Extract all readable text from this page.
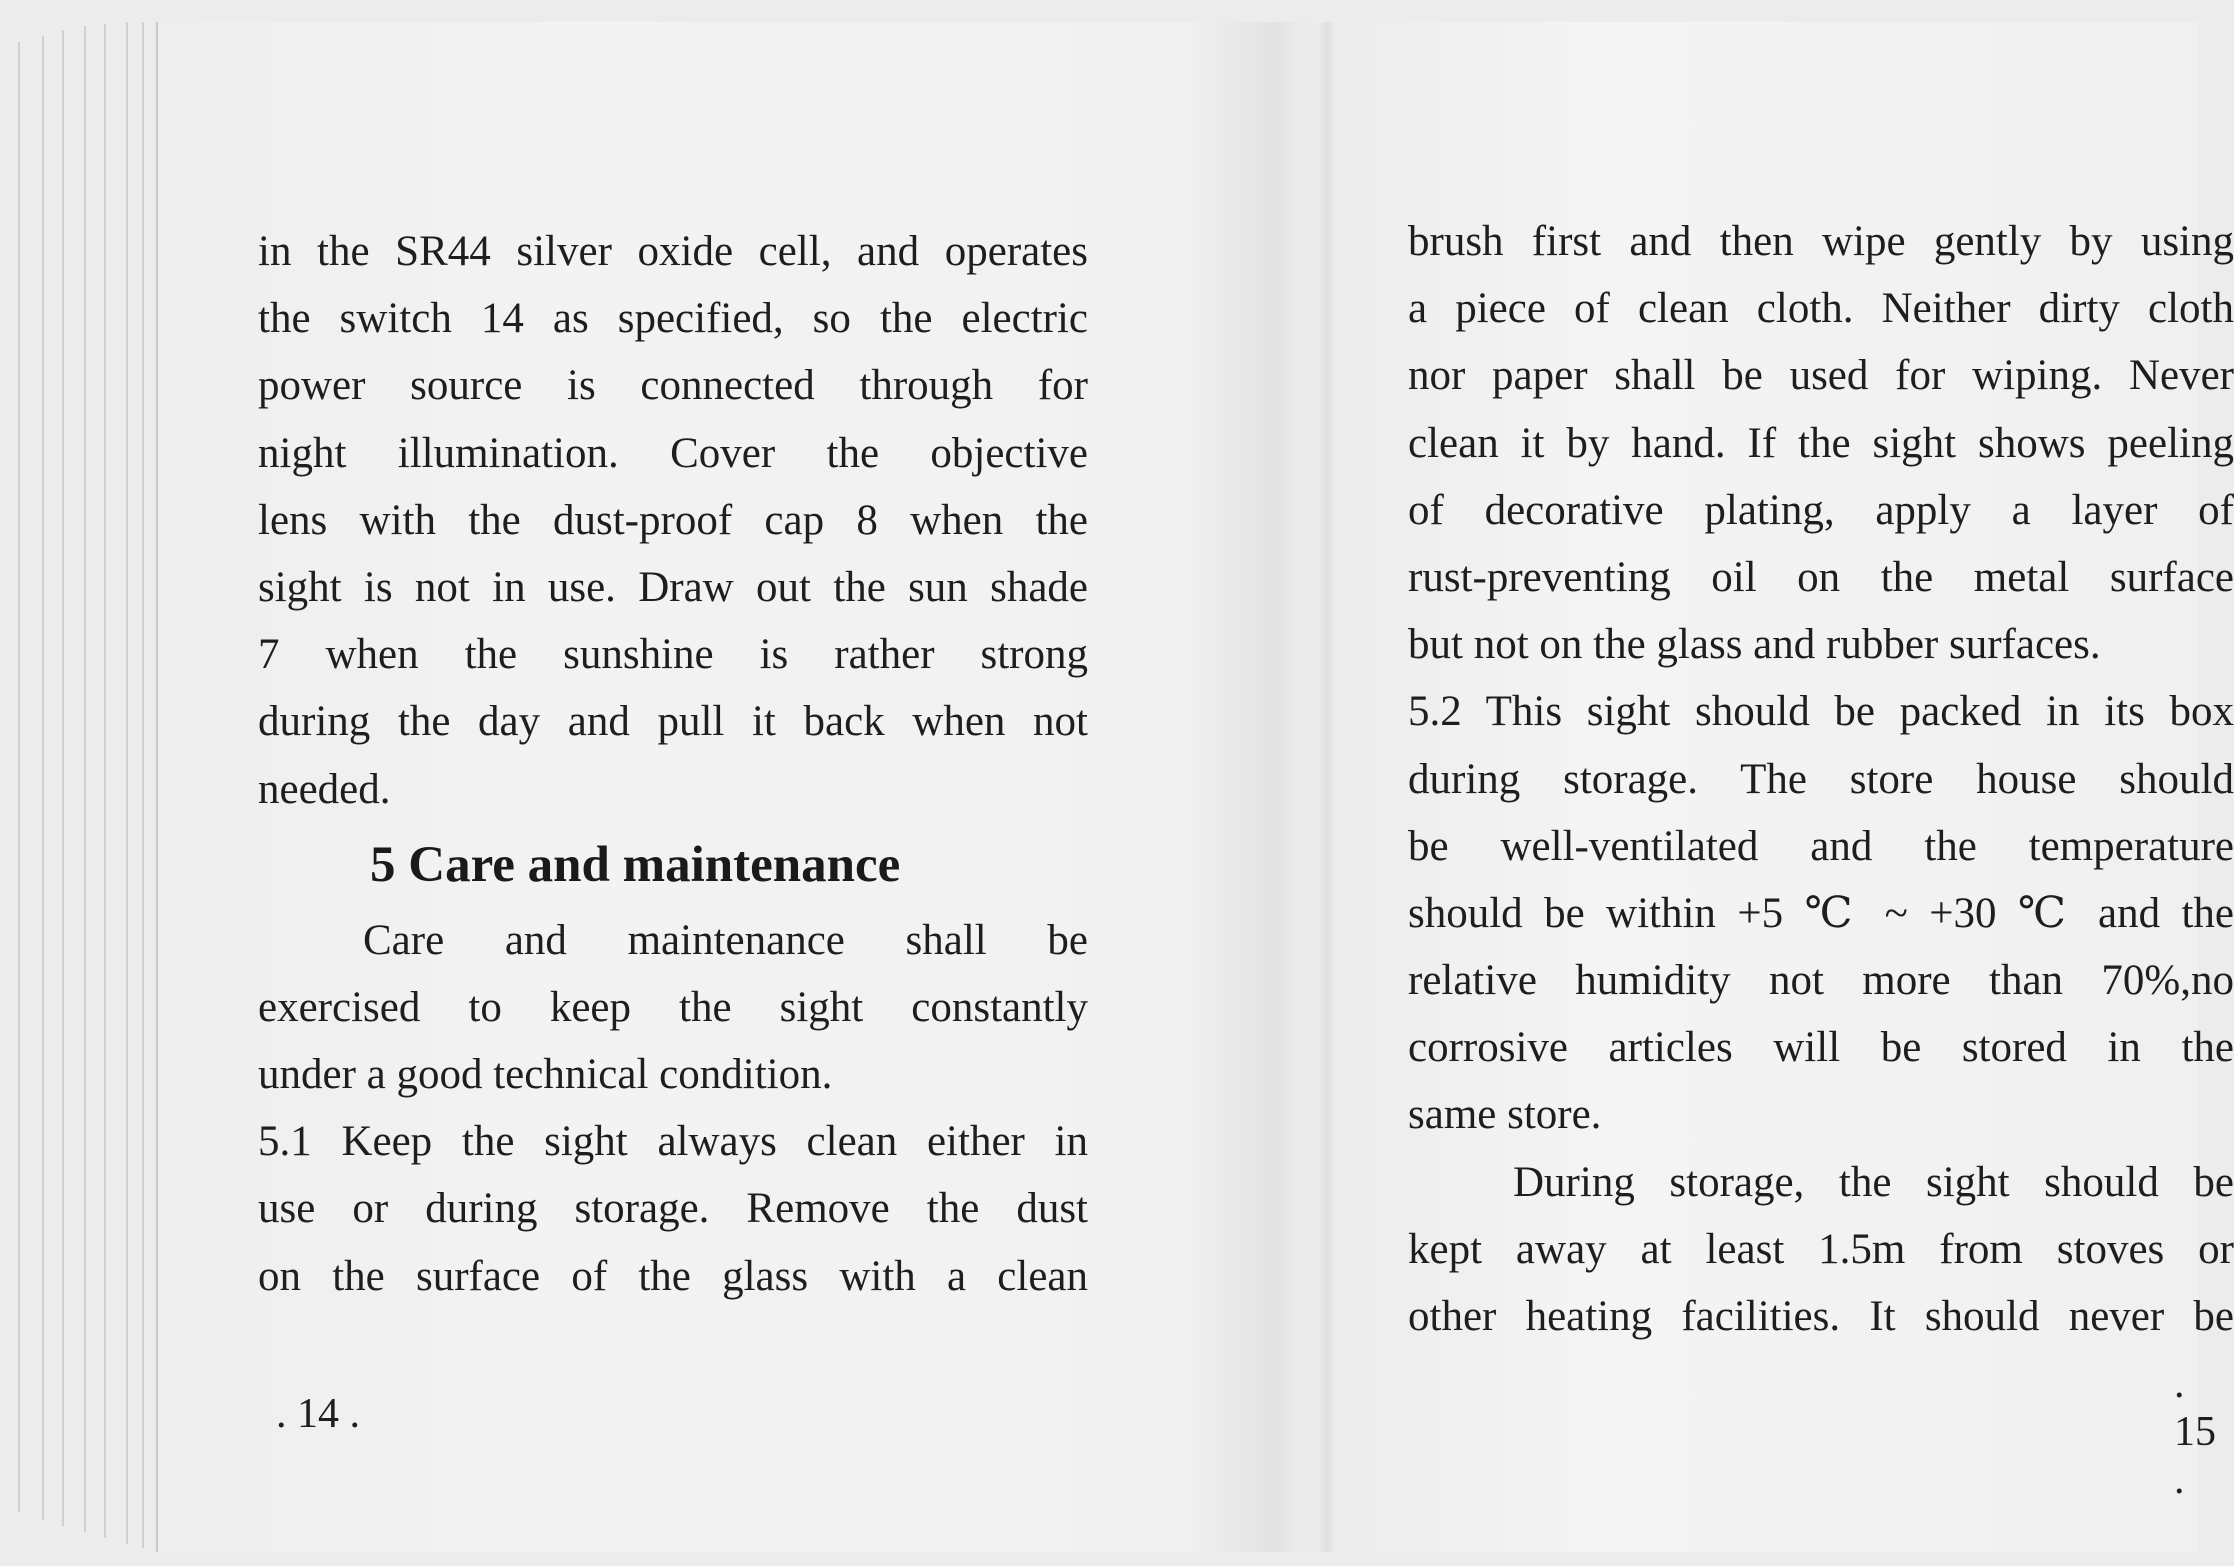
in the SR44 silver oxide cell, and operates
the switch 14 as specified, so the electric
power source is connected through for
night illumination. Cover the objective
lens with the dust-proof cap 8 when the
sight is not in use. Draw out the sun shade
7 when the sunshine is rather strong
during the day and pull it back when not
needed.
5 Care and maintenance
Care and maintenance shall be
exercised to keep the sight constantly
under a good technical condition.
5.1 Keep the sight always clean either in
use or during storage. Remove the dust
on the surface of the glass with a clean
. 14 .
brush first and then wipe gently by using
a piece of clean cloth. Neither dirty cloth
nor paper shall be used for wiping. Never
clean it by hand. If the sight shows peeling
of decorative plating, apply a layer of
rust-preventing oil on the metal surface
but not on the glass and rubber surfaces.
5.2 This sight should be packed in its box
during storage. The store house should
be well-ventilated and the temperature
should be within +5 ℃ ~ +30 ℃ and the
relative humidity not more than 70%,no
corrosive articles will be stored in the
same store.
During storage, the sight should be
kept away at least 1.5m from stoves or
other heating facilities. It should never be
. 15 .
